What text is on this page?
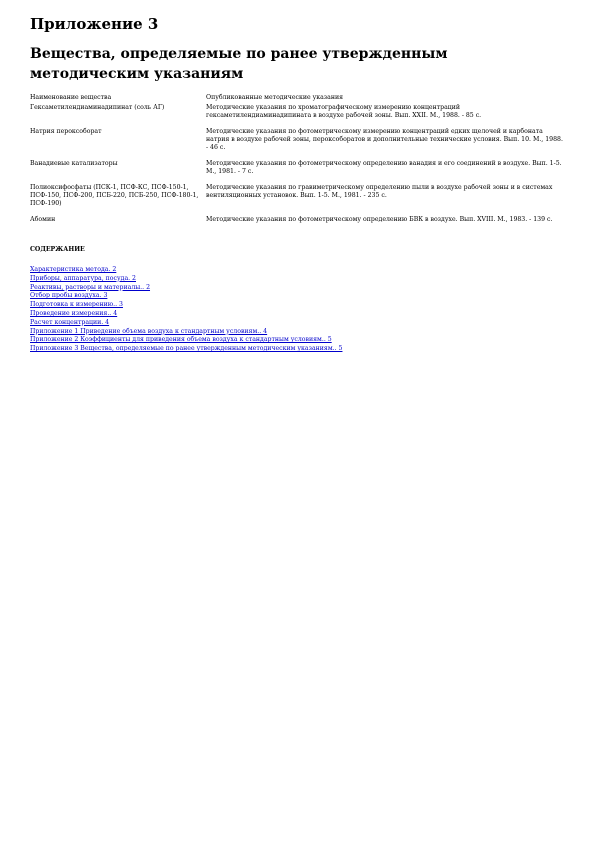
Приложение 3
Вещества, определяемые по ранее утвержденным методическим указаниям
Наименование вещества	Опубликованные методические указания
Гексаметилендиаминадипинат (соль АГ)	Методические указания по хроматографическому измерению концентраций гексаметилендиаминадипината в воздухе рабочей зоны. Вып. XXII. М., 1988. - 85 с.
Натрия пероксоборат	Методические указания по фотометрическому измерению концентраций едких щелочей и карбоната натрия в воздухе рабочей зоны, пероксоборатов и дополнительные технические условия. Вып. 10. М., 1988. - 46 с.
Ванадиевые катализаторы	Методические указания по фотометрическому определению ванадия и его соединений в воздухе. Вып. 1-5. М., 1981. - 7 с.
Полиоксифосфаты (ПСК-1, ПСФ-КС, ПСФ-150-1, ПСФ-150, ПСФ-200, ПСБ-220, ПСБ-250, ПСФ-180-1, ПСФ-190)	Методические указания по гравиметрическому определению пыли в воздухе рабочей зоны и в системах вентиляционных установок. Вып. 1-5. М., 1981. - 235 с.
Абомин	Методические указания по фотометрическому определению БВК в воздухе. Вып. XVIII. М., 1983. - 139 с.
СОДЕРЖАНИЕ
Характеристика метода. 2
Приборы, аппаратура, посуда. 2
Реактивы, растворы и материалы.. 2
Отбор пробы воздуха. 3
Подготовка к измерению.. 3
Проведение измерения.. 4
Расчет концентрации. 4
Приложение 1 Приведение объема воздуха к стандартным условиям.. 4
Приложение 2 Коэффициенты для приведения объема воздуха к стандартным условиям.. 5
Приложение 3 Вещества, определяемые по ранее утвержденным методическим указаниям.. 5
